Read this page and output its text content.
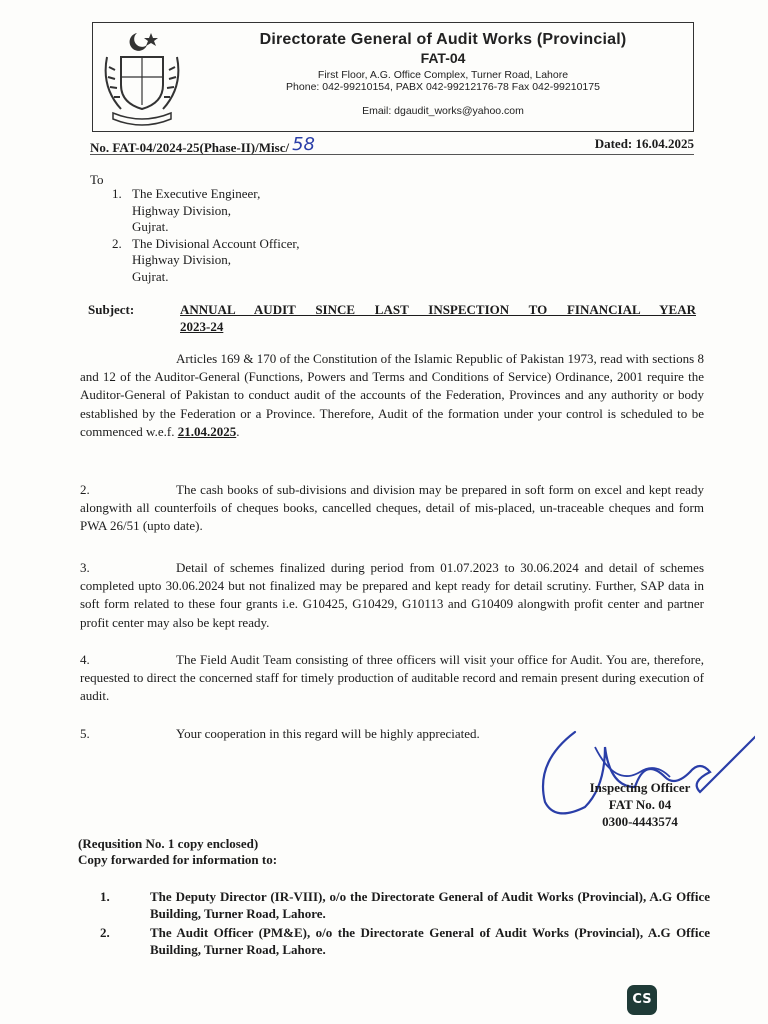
Directorate General of Audit Works (Provincial)
FAT-04
First Floor, A.G. Office Complex, Turner Road, Lahore
Phone: 042-99210154, PABX 042-99212176-78 Fax 042-99210175
Email: dgaudit_works@yahoo.com
No. FAT-04/2024-25(Phase-II)/Misc/ 58	Dated: 16.04.2025
To
1. The Executive Engineer,
Highway Division,
Gujrat.
2. The Divisional Account Officer,
Highway Division,
Gujrat.
Subject:	ANNUAL AUDIT SINCE LAST INSPECTION TO FINANCIAL YEAR
2023-24
Articles 169 & 170 of the Constitution of the Islamic Republic of Pakistan 1973, read with sections 8 and 12 of the Auditor-General (Functions, Powers and Terms and Conditions of Service) Ordinance, 2001 require the Auditor-General of Pakistan to conduct audit of the accounts of the Federation, Provinces and any authority or body established by the Federation or a Province. Therefore, Audit of the formation under your control is scheduled to be commenced w.e.f. 21.04.2025.
2.	The cash books of sub-divisions and division may be prepared in soft form on excel and kept ready alongwith all counterfoils of cheques books, cancelled cheques, detail of mis-placed, un-traceable cheques and form PWA 26/51 (upto date).
3.	Detail of schemes finalized during period from 01.07.2023 to 30.06.2024 and detail of schemes completed upto 30.06.2024 but not finalized may be prepared and kept ready for detail scrutiny. Further, SAP data in soft form related to these four grants i.e. G10425, G10429, G10113 and G10409 alongwith profit center and partner profit center may also be kept ready.
4.	The Field Audit Team consisting of three officers will visit your office for Audit. You are, therefore, requested to direct the concerned staff for timely production of auditable record and remain present during execution of audit.
5.	Your cooperation in this regard will be highly appreciated.
Inspecting Officer
FAT No. 04
0300-4443574
(Requsition No. 1 copy enclosed)
Copy forwarded for information to:
1.	The Deputy Director (IR-VIII), o/o the Directorate General of Audit Works (Provincial), A.G Office Building, Turner Road, Lahore.
2.	The Audit Officer (PM&E), o/o the Directorate General of Audit Works (Provincial), A.G Office Building, Turner Road, Lahore.
CS
